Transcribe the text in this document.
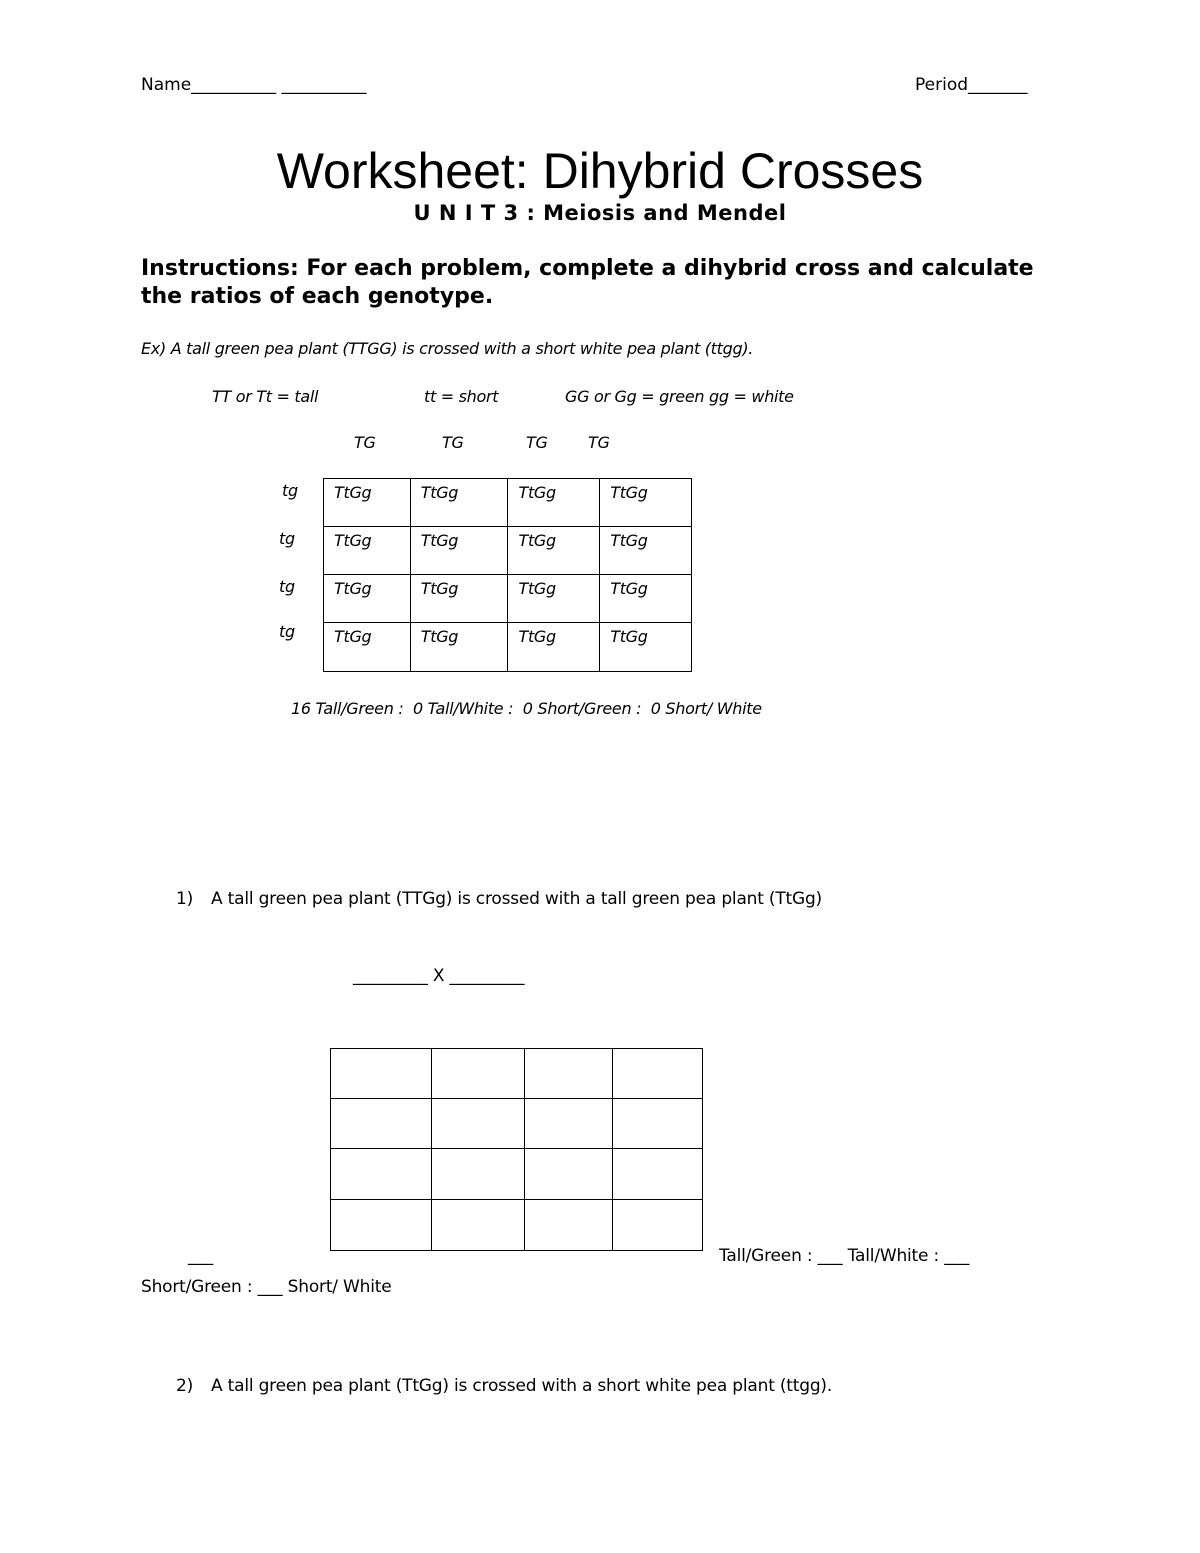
Name__________ __________	Period_______
Worksheet: Dihybrid Crosses
U N I T 3 : Meiosis and Mendel
Instructions: For each problem, complete a dihybrid cross and calculate the ratios of each genotype.
Ex) A tall green pea plant (TTGG) is crossed with a short white pea plant (ttgg).
TT or Tt = tall	tt = short	GG or Gg = green gg = white
TG	TG	TG	TG
tg
tg
tg
tg
TtGg	TtGg	TtGg	TtGg
TtGg	TtGg	TtGg	TtGg
TtGg	TtGg	TtGg	TtGg
TtGg	TtGg	TtGg	TtGg
16 Tall/Green :  0 Tall/White :  0 Short/Green :  0 Short/ White
1) A tall green pea plant (TTGg) is crossed with a tall green pea plant (TtGg)
_________ X _________

___	Tall/Green : ___ Tall/White : ___
Short/Green : ___ Short/ White
2) A tall green pea plant (TtGg) is crossed with a short white pea plant (ttgg).
